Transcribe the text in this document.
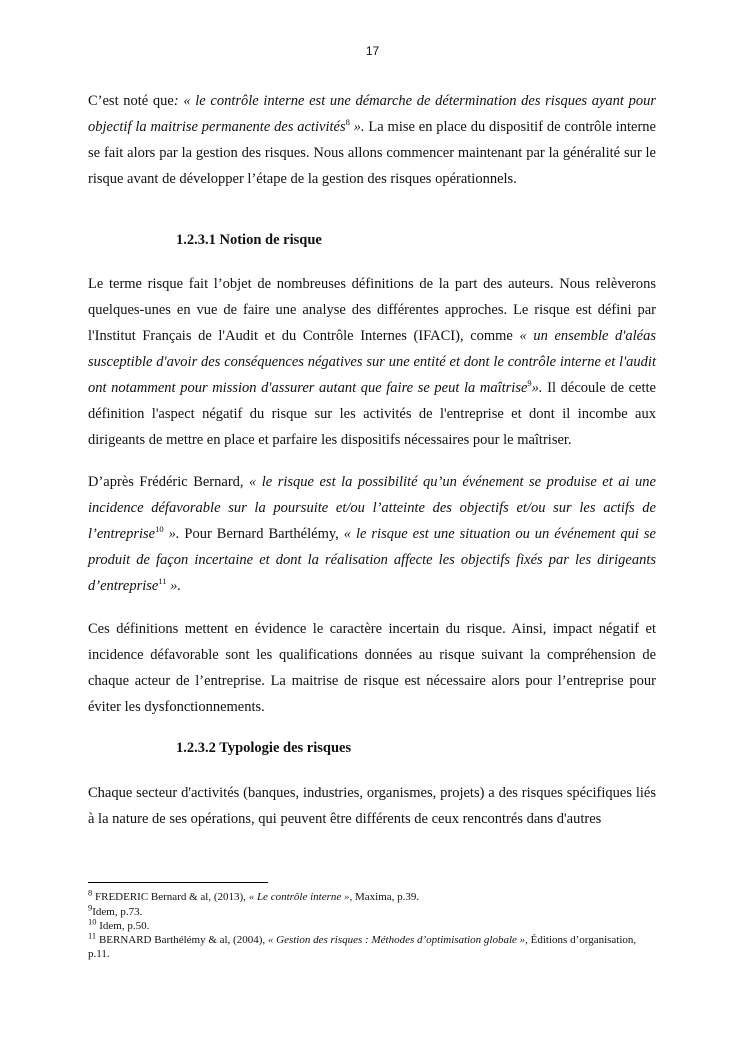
17

C’est noté que: « le contrôle interne est une démarche de détermination des risques ayant pour objectif la maitrise permanente des activités$^8$ ». La mise en place du dispositif de contrôle interne se fait alors par la gestion des risques. Nous allons commencer maintenant par la généralité sur le risque avant de développer l’étape de la gestion des risques opérationnels.

1.2.3.1 Notion de risque

Le terme risque fait l’objet de nombreuses définitions de la part des auteurs. Nous relèverons quelques-unes en vue de faire une analyse des différentes approches. Le risque est défini par l'Institut Français de l'Audit et du Contrôle Internes (IFACI), comme « un ensemble d'aléas susceptible d'avoir des conséquences négatives sur une entité et dont le contrôle interne et l'audit ont notamment pour mission d'assurer autant que faire se peut la maîtrise$^9$». Il découle de cette définition l'aspect négatif du risque sur les activités de l'entreprise et dont il incombe aux dirigeants de mettre en place et parfaire les dispositifs nécessaires pour le maîtriser.

D’après Frédéric Bernard, « le risque est la possibilité qu’un événement se produise et ai une incidence défavorable sur la poursuite et/ou l’atteinte des objectifs et/ou sur les actifs de l’entreprise$^{10}$ ». Pour Bernard Barthélémy, « le risque est une situation ou un événement qui se produit de façon incertaine et dont la réalisation affecte les objectifs fixés par les dirigeants d’entreprise$^{11}$ ».

Ces définitions mettent en évidence le caractère incertain du risque. Ainsi, impact négatif et incidence défavorable sont les qualifications données au risque suivant la compréhension de chaque acteur de l’entreprise. La maitrise de risque est nécessaire alors pour l’entreprise pour éviter les dysfonctionnements.

1.2.3.2 Typologie des risques

Chaque secteur d'activités (banques, industries, organismes, projets) a des risques spécifiques liés à la nature de ses opérations, qui peuvent être différents de ceux rencontrés dans d'autres

$^8$ FREDERIC Bernard & al, (2013), « Le contrôle interne », Maxima, p.39.

$^9$Idem, p.73.

$^{10}$ Idem, p.50.

$^{11}$ BERNARD Barthélémy & al, (2004), « Gestion des risques : Méthodes d’optimisation globale », Éditions d’organisation, p.11.
